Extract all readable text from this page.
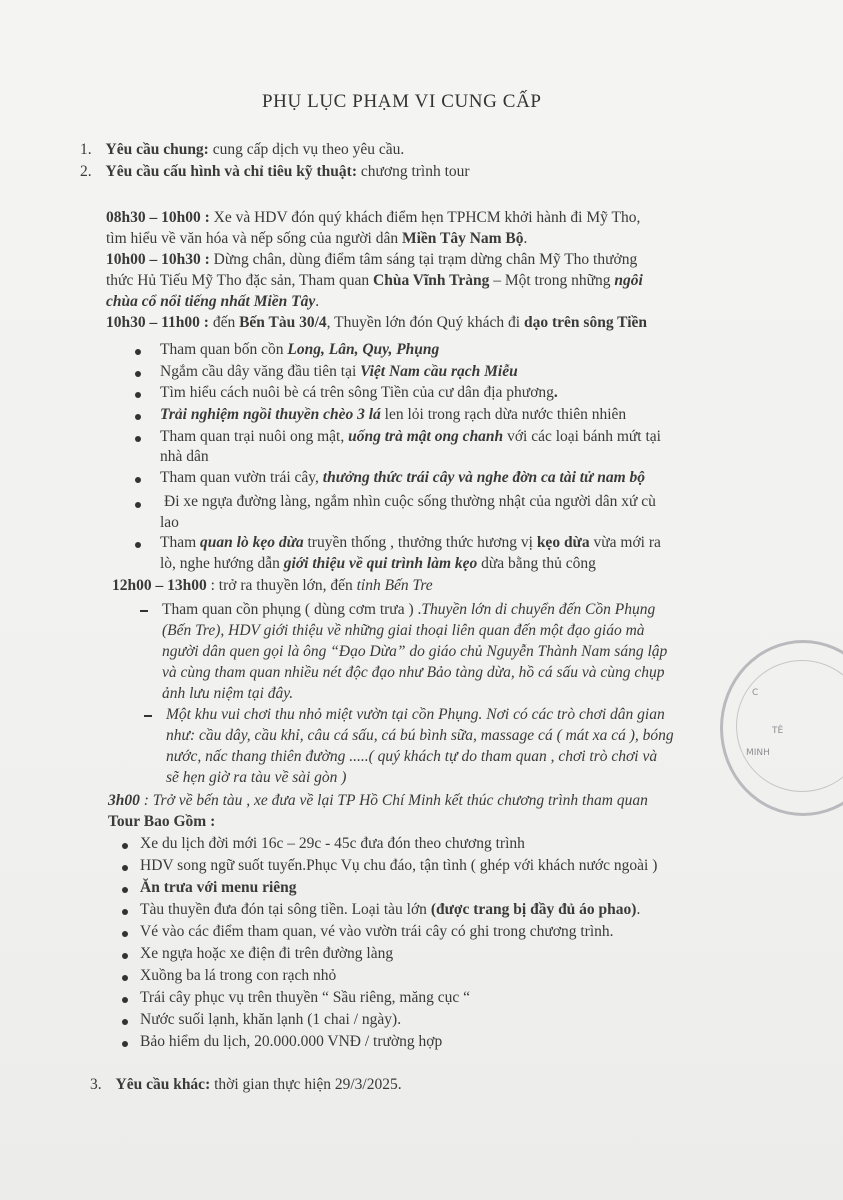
C
TÊ
MINH
PHỤ LỤC PHẠM VI CUNG CẤP
1. Yêu cầu chung: cung cấp dịch vụ theo yêu cầu.
2. Yêu cầu cấu hình và chỉ tiêu kỹ thuật: chương trình tour
08h30 – 10h00 : Xe và HDV đón quý khách điểm hẹn TPHCM khởi hành đi Mỹ Tho,
tìm hiểu về văn hóa và nếp sống của người dân Miền Tây Nam Bộ.
10h00 – 10h30 : Dừng chân, dùng điểm tâm sáng tại trạm dừng chân Mỹ Tho thưởng
thức Hủ Tiếu Mỹ Tho đặc sản, Tham quan Chùa Vĩnh Tràng – Một trong những ngôi
chùa cổ nổi tiếng nhất Miền Tây.
10h30 – 11h00 : đến Bến Tàu 30/4, Thuyền lớn đón Quý khách đi dạo trên sông Tiền
Tham quan bốn cồn Long, Lân, Quy, Phụng
Ngắm cầu dây văng đầu tiên tại Việt Nam cầu rạch Miễu
Tìm hiểu cách nuôi bè cá trên sông Tiền của cư dân địa phương.
Trải nghiệm ngồi thuyền chèo 3 lá len lỏi trong rạch dừa nước thiên nhiên
Tham quan trại nuôi ong mật, uống trà mật ong chanh với các loại bánh mứt tại
nhà dân
Tham quan vườn trái cây, thưởng thức trái cây và nghe đờn ca tài tử nam bộ
Đi xe ngựa đường làng, ngắm nhìn cuộc sống thường nhật của người dân xứ cù
lao
Tham quan lò kẹo dừa truyền thống , thưởng thức hương vị kẹo dừa vừa mới ra
lò, nghe hướng dẫn giới thiệu về qui trình làm kẹo dừa bằng thủ công
12h00 – 13h00 : trở ra thuyền lớn, đến tỉnh Bến Tre
Tham quan cồn phụng ( dùng cơm trưa ) .Thuyền lớn di chuyển đến Cồn Phụng
(Bến Tre), HDV giới thiệu về những giai thoại liên quan đến một đạo giáo mà
người dân quen gọi là ông “Đạo Dừa” do giáo chủ Nguyễn Thành Nam sáng lập
và cùng tham quan nhiều nét độc đạo như Bảo tàng dừa, hồ cá sấu và cùng chụp
ảnh lưu niệm tại đây.
Một khu vui chơi thu nhỏ miệt vườn tại cồn Phụng. Nơi có các trò chơi dân gian
như: cầu dây, cầu khỉ, câu cá sấu, cá bú bình sữa, massage cá ( mát xa cá ), bóng
nước, nấc thang thiên đường .....( quý khách tự do tham quan , chơi trò chơi và
sẽ hẹn giờ ra tàu về sài gòn )
3h00 : Trở về bến tàu , xe đưa về lại TP Hồ Chí Minh kết thúc chương trình tham quan
Tour Bao Gồm :
Xe du lịch đời mới 16c – 29c - 45c đưa đón theo chương trình
HDV song ngữ suốt tuyến.Phục Vụ chu đáo, tận tình ( ghép với khách nước ngoài )
Ăn trưa với menu riêng
Tàu thuyền đưa đón tại sông tiền. Loại tàu lớn (được trang bị đầy đủ áo phao).
Vé vào các điểm tham quan, vé vào vườn trái cây có ghi trong chương trình.
Xe ngựa hoặc xe điện đi trên đường làng
Xuồng ba lá trong con rạch nhỏ
Trái cây phục vụ trên thuyền “ Sầu riêng, măng cục “
Nước suối lạnh, khăn lạnh (1 chai / ngày).
Bảo hiểm du lịch, 20.000.000 VNĐ / trường hợp
3. Yêu cầu khác: thời gian thực hiện 29/3/2025.
